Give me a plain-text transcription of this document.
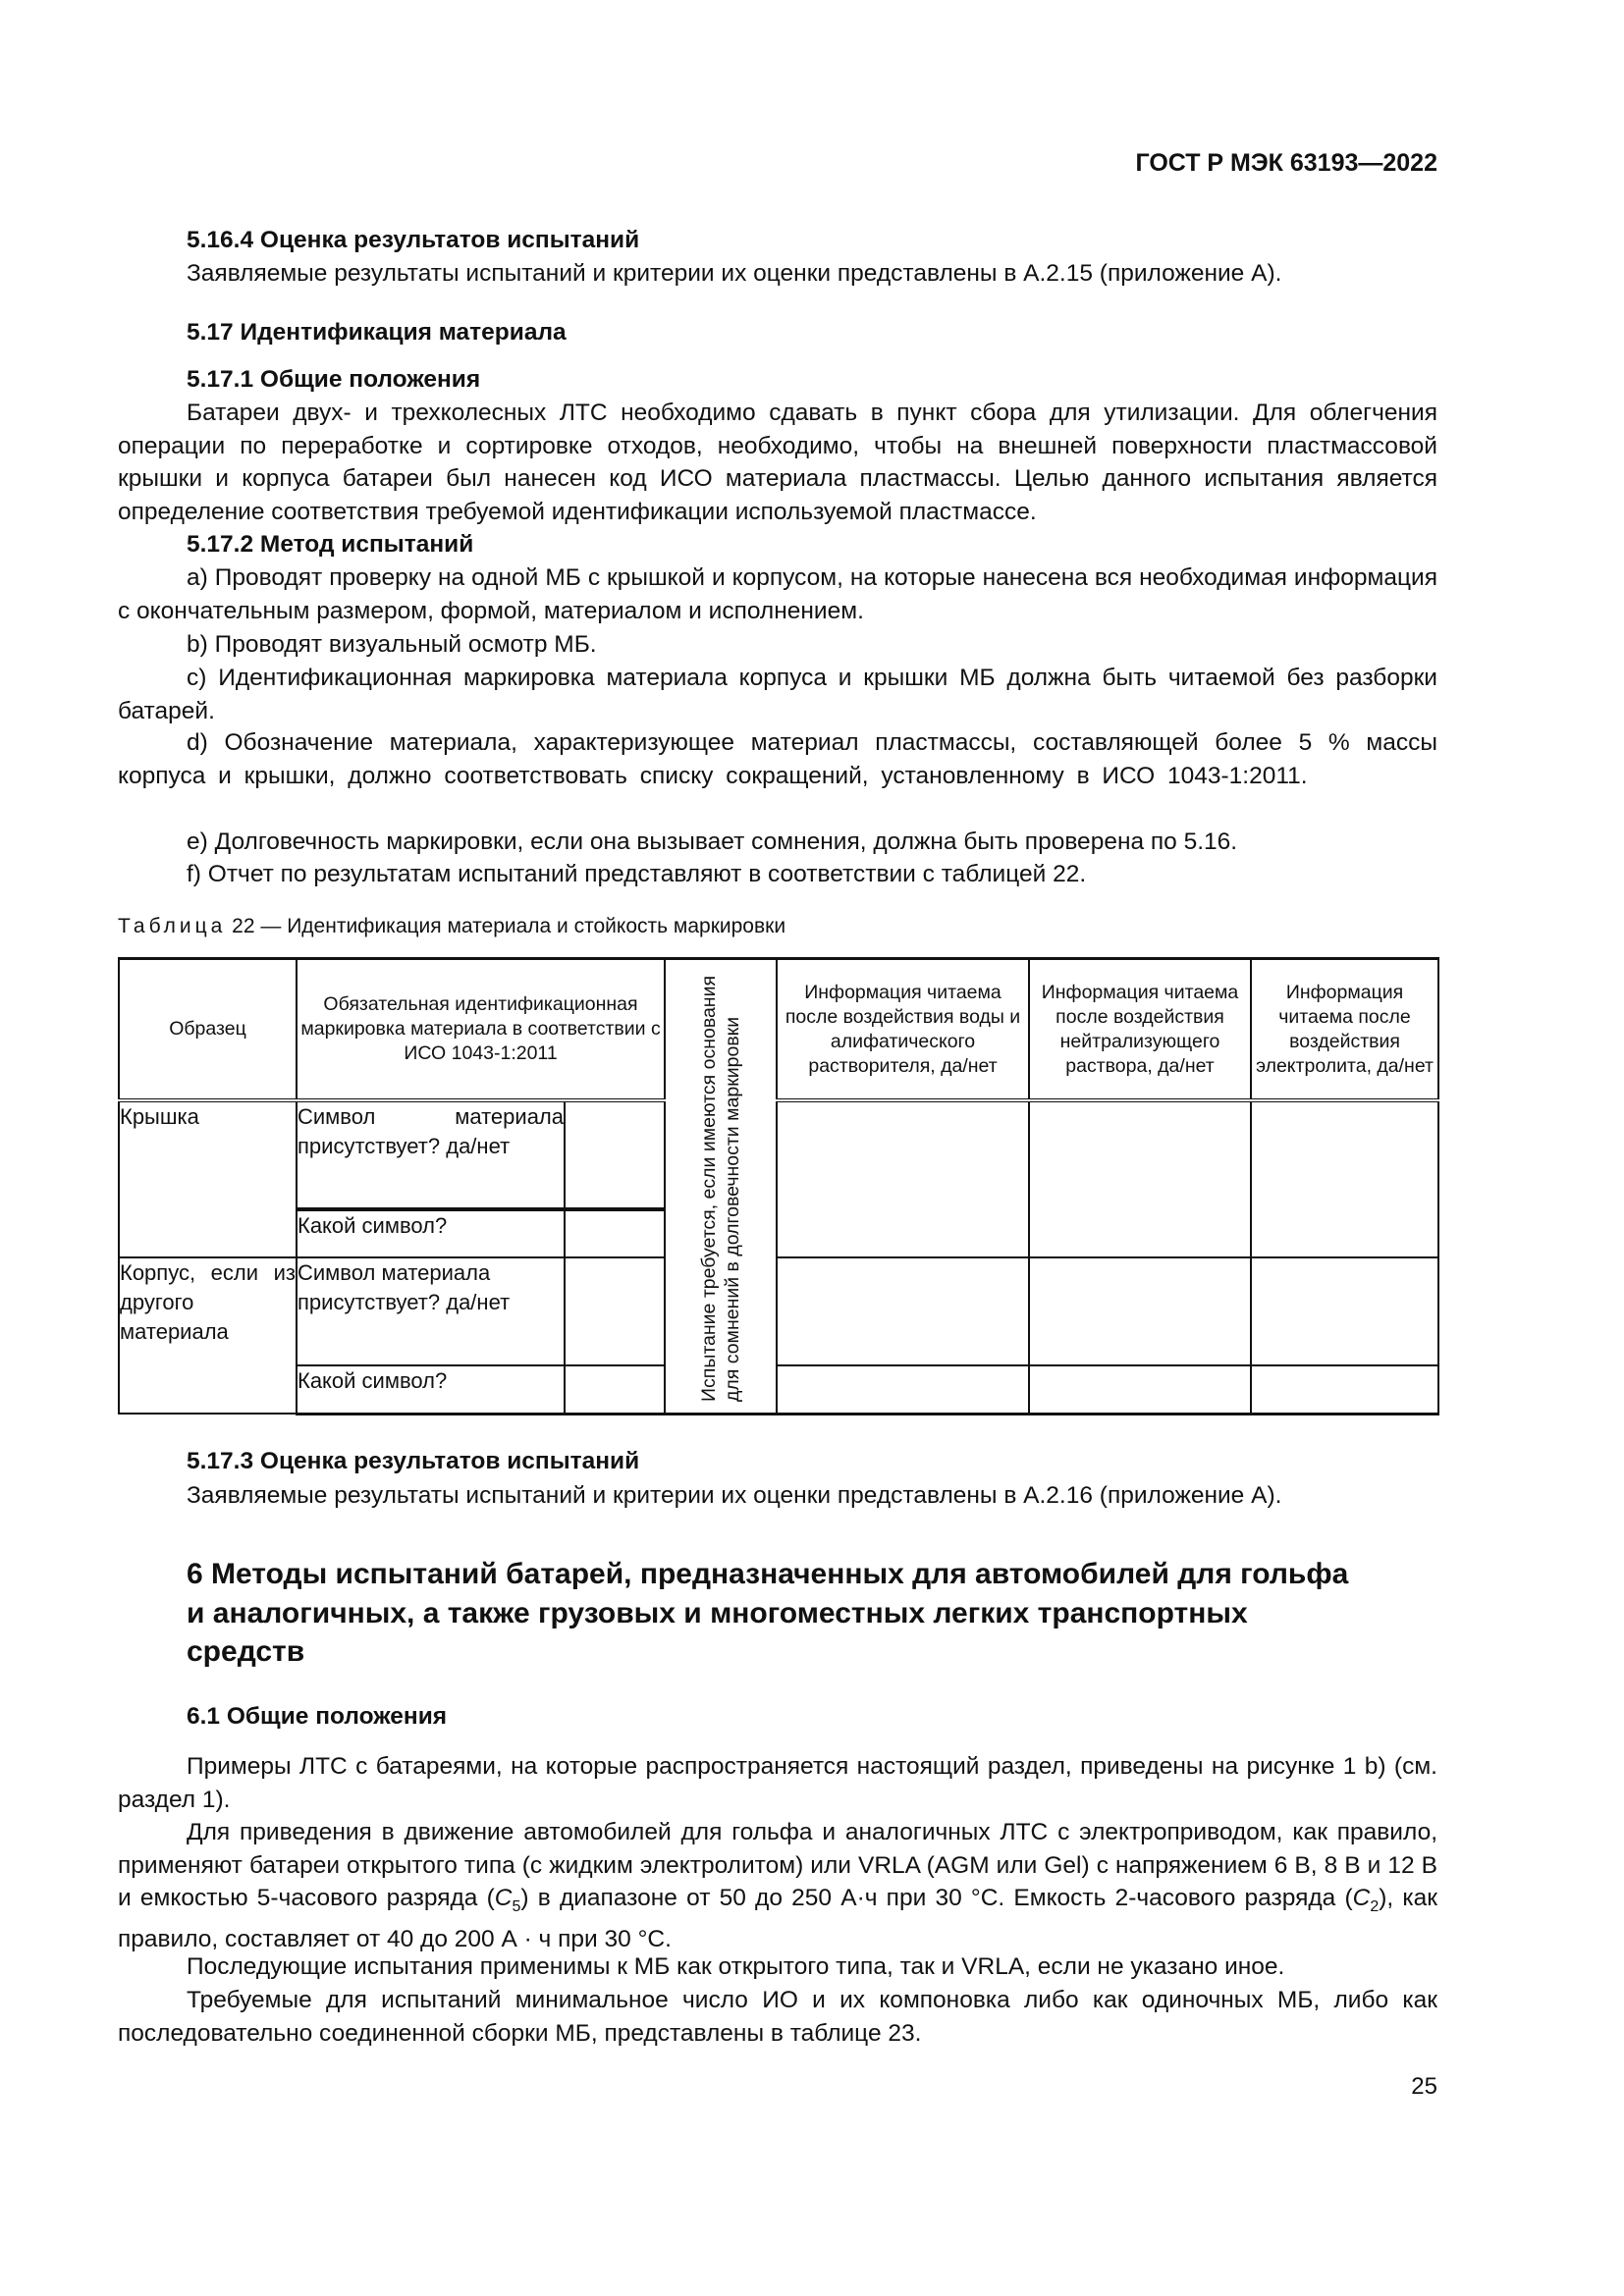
ГОСТ Р МЭК 63193—2022
5.16.4 Оценка результатов испытаний
Заявляемые результаты испытаний и критерии их оценки представлены в А.2.15 (приложение А).
5.17 Идентификация материала
5.17.1 Общие положения
Батареи двух- и трехколесных ЛТС необходимо сдавать в пункт сбора для утилизации. Для облегчения операции по переработке и сортировке отходов, необходимо, чтобы на внешней поверхности пластмассовой крышки и корпуса батареи был нанесен код ИСО материала пластмассы. Целью данного испытания является определение соответствия требуемой идентификации используемой пластмассе.
5.17.2 Метод испытаний
a) Проводят проверку на одной МБ с крышкой и корпусом, на которые нанесена вся необходимая информация с окончательным размером, формой, материалом и исполнением.
b) Проводят визуальный осмотр МБ.
c) Идентификационная маркировка материала корпуса и крышки МБ должна быть читаемой без разборки батарей.
d) Обозначение материала, характеризующее материал пластмассы, составляющей более 5 % массы корпуса и крышки, должно соответствовать списку сокращений, установленному в ИСО 1043-1:2011.
e) Долговечность маркировки, если она вызывает сомнения, должна быть проверена по 5.16.
f) Отчет по результатам испытаний представляют в соответствии с таблицей 22.
Таблица 22 — Идентификация материала и стойкость маркировки
Образец	Обязательная идентификационная маркировка материала в соответствии с ИСО 1043-1:2011		Испытание требуется, если имеются основания для сомнений в долговечности маркировки	Информация читаема после воздействия воды и алифатического растворителя, да/нет	Информация читаема после воздействия нейтрализующего раствора, да/нет	Информация читаема после воздействия электролита, да/нет
Крышка	Символ материала присутствует? да/нет					
	Какой символ?					
Корпус, если из другого материала	Символ материала присутствует? да/нет					
	Какой символ?					
5.17.3 Оценка результатов испытаний
Заявляемые результаты испытаний и критерии их оценки представлены в А.2.16 (приложение А).
6 Методы испытаний батарей, предназначенных для автомобилей для гольфа и аналогичных, а также грузовых и многоместных легких транспортных средств
6.1 Общие положения
Примеры ЛТС с батареями, на которые распространяется настоящий раздел, приведены на рисунке 1 b) (см. раздел 1).
Для приведения в движение автомобилей для гольфа и аналогичных ЛТС с электроприводом, как правило, применяют батареи открытого типа (с жидким электролитом) или VRLA (AGM или Gel) с напряжением 6 В, 8 В и 12 В и емкостью 5-часового разряда $(C_5)$ в диапазоне от 50 до 250 А·ч при 30 °С. Емкость 2-часового разряда $(C_2)$, как правило, составляет от 40 до 200 А · ч при 30 °С.
Последующие испытания применимы к МБ как открытого типа, так и VRLA, если не указано иное.
Требуемые для испытаний минимальное число ИО и их компоновка либо как одиночных МБ, либо как последовательно соединенной сборки МБ, представлены в таблице 23.
25
